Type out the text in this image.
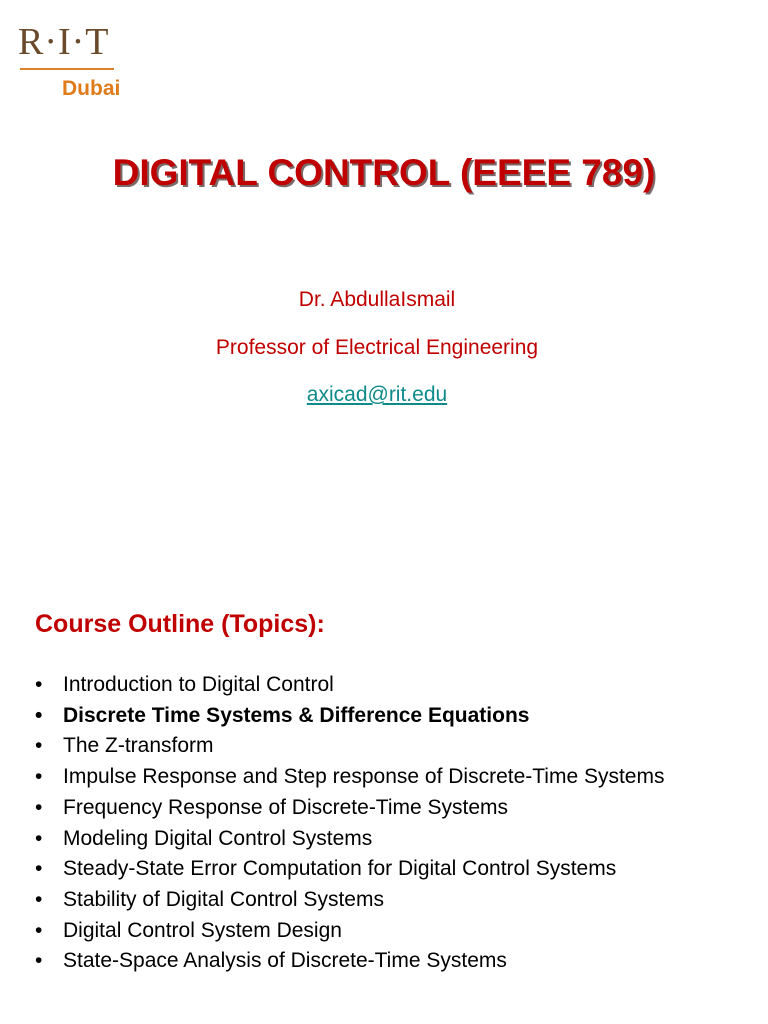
R·I·T
Dubai
DIGITAL CONTROL (EEEE 789)
Dr. AbdullaIsmail
Professor of Electrical Engineering
axicad@rit.edu
Course Outline (Topics):
• Introduction to Digital Control
• Discrete Time Systems & Difference Equations
• The Z-transform
• Impulse Response and Step response of Discrete-Time Systems
• Frequency Response of Discrete-Time Systems
• Modeling Digital Control Systems
• Steady-State Error Computation for Digital Control Systems
• Stability of Digital Control Systems
• Digital Control System Design
• State-Space Analysis of Discrete-Time Systems
